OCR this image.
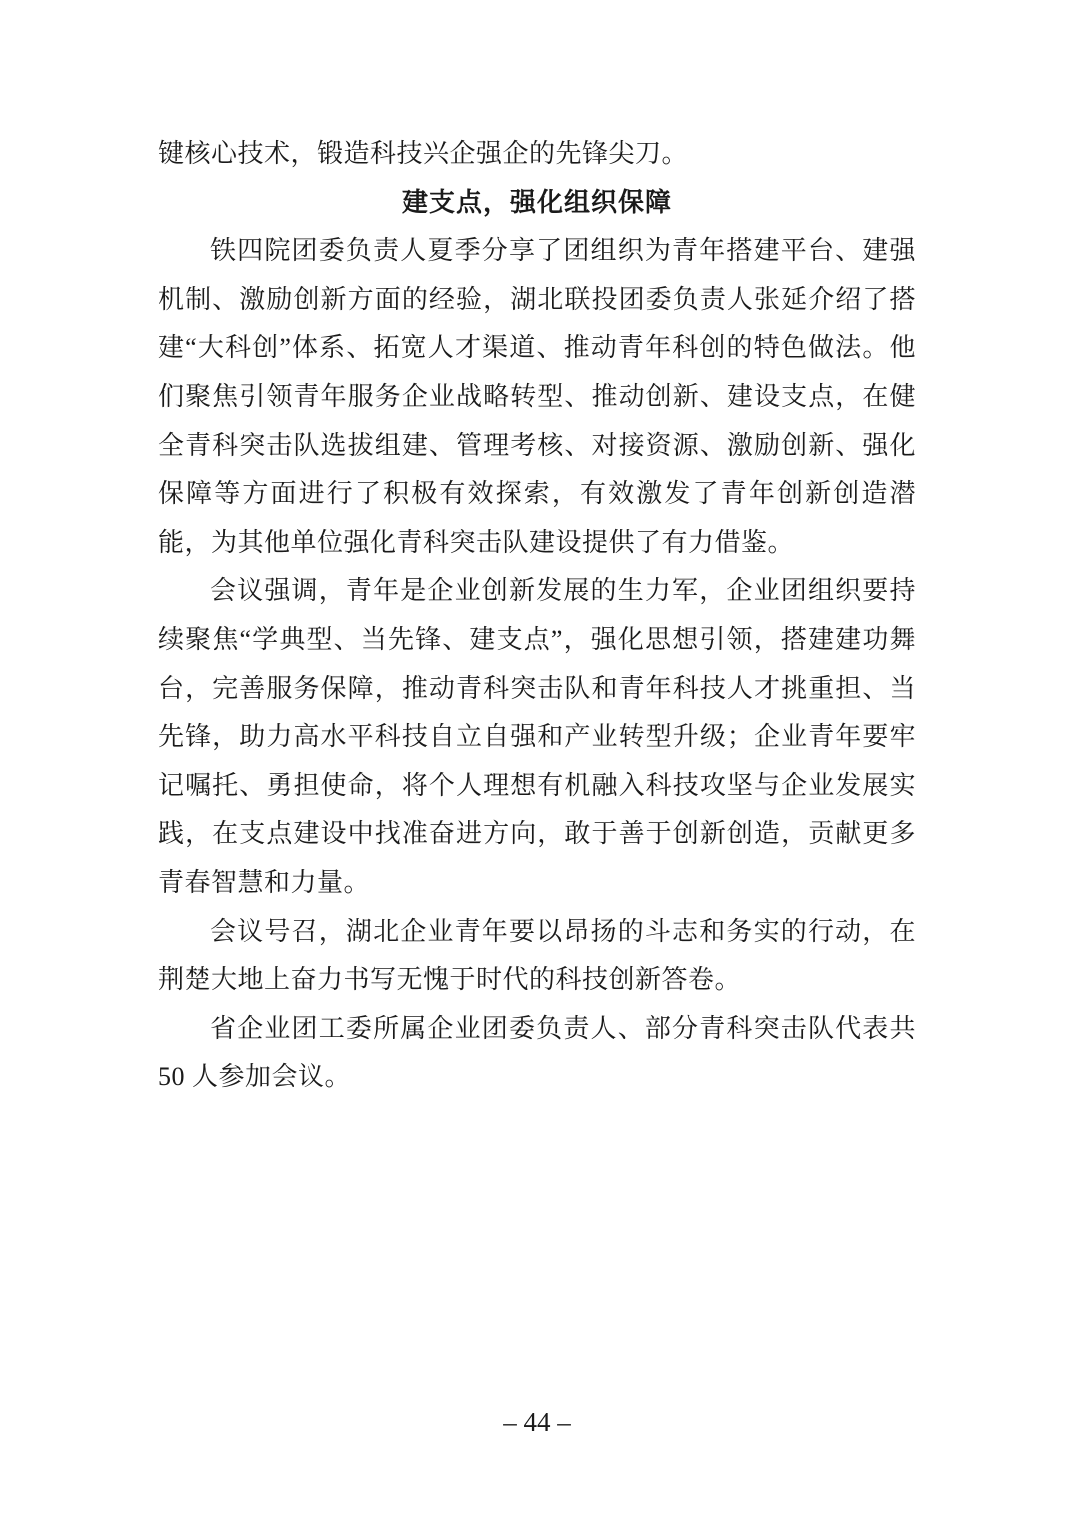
键核心技术，锻造科技兴企强企的先锋尖刀。

建支点，强化组织保障

铁四院团委负责人夏季分享了团组织为青年搭建平台、建强机制、激励创新方面的经验，湖北联投团委负责人张延介绍了搭建“大科创”体系、拓宽人才渠道、推动青年科创的特色做法。他们聚焦引领青年服务企业战略转型、推动创新、建设支点，在健全青科突击队选拔组建、管理考核、对接资源、激励创新、强化保障等方面进行了积极有效探索，有效激发了青年创新创造潜能，为其他单位强化青科突击队建设提供了有力借鉴。

会议强调，青年是企业创新发展的生力军，企业团组织要持续聚焦“学典型、当先锋、建支点”，强化思想引领，搭建建功舞台，完善服务保障，推动青科突击队和青年科技人才挑重担、当先锋，助力高水平科技自立自强和产业转型升级；企业青年要牢记嘱托、勇担使命，将个人理想有机融入科技攻坚与企业发展实践，在支点建设中找准奋进方向，敢于善于创新创造，贡献更多青春智慧和力量。

会议号召，湖北企业青年要以昂扬的斗志和务实的行动，在荆楚大地上奋力书写无愧于时代的科技创新答卷。

省企业团工委所属企业团委负责人、部分青科突击队代表共 50 人参加会议。

– 44 –
